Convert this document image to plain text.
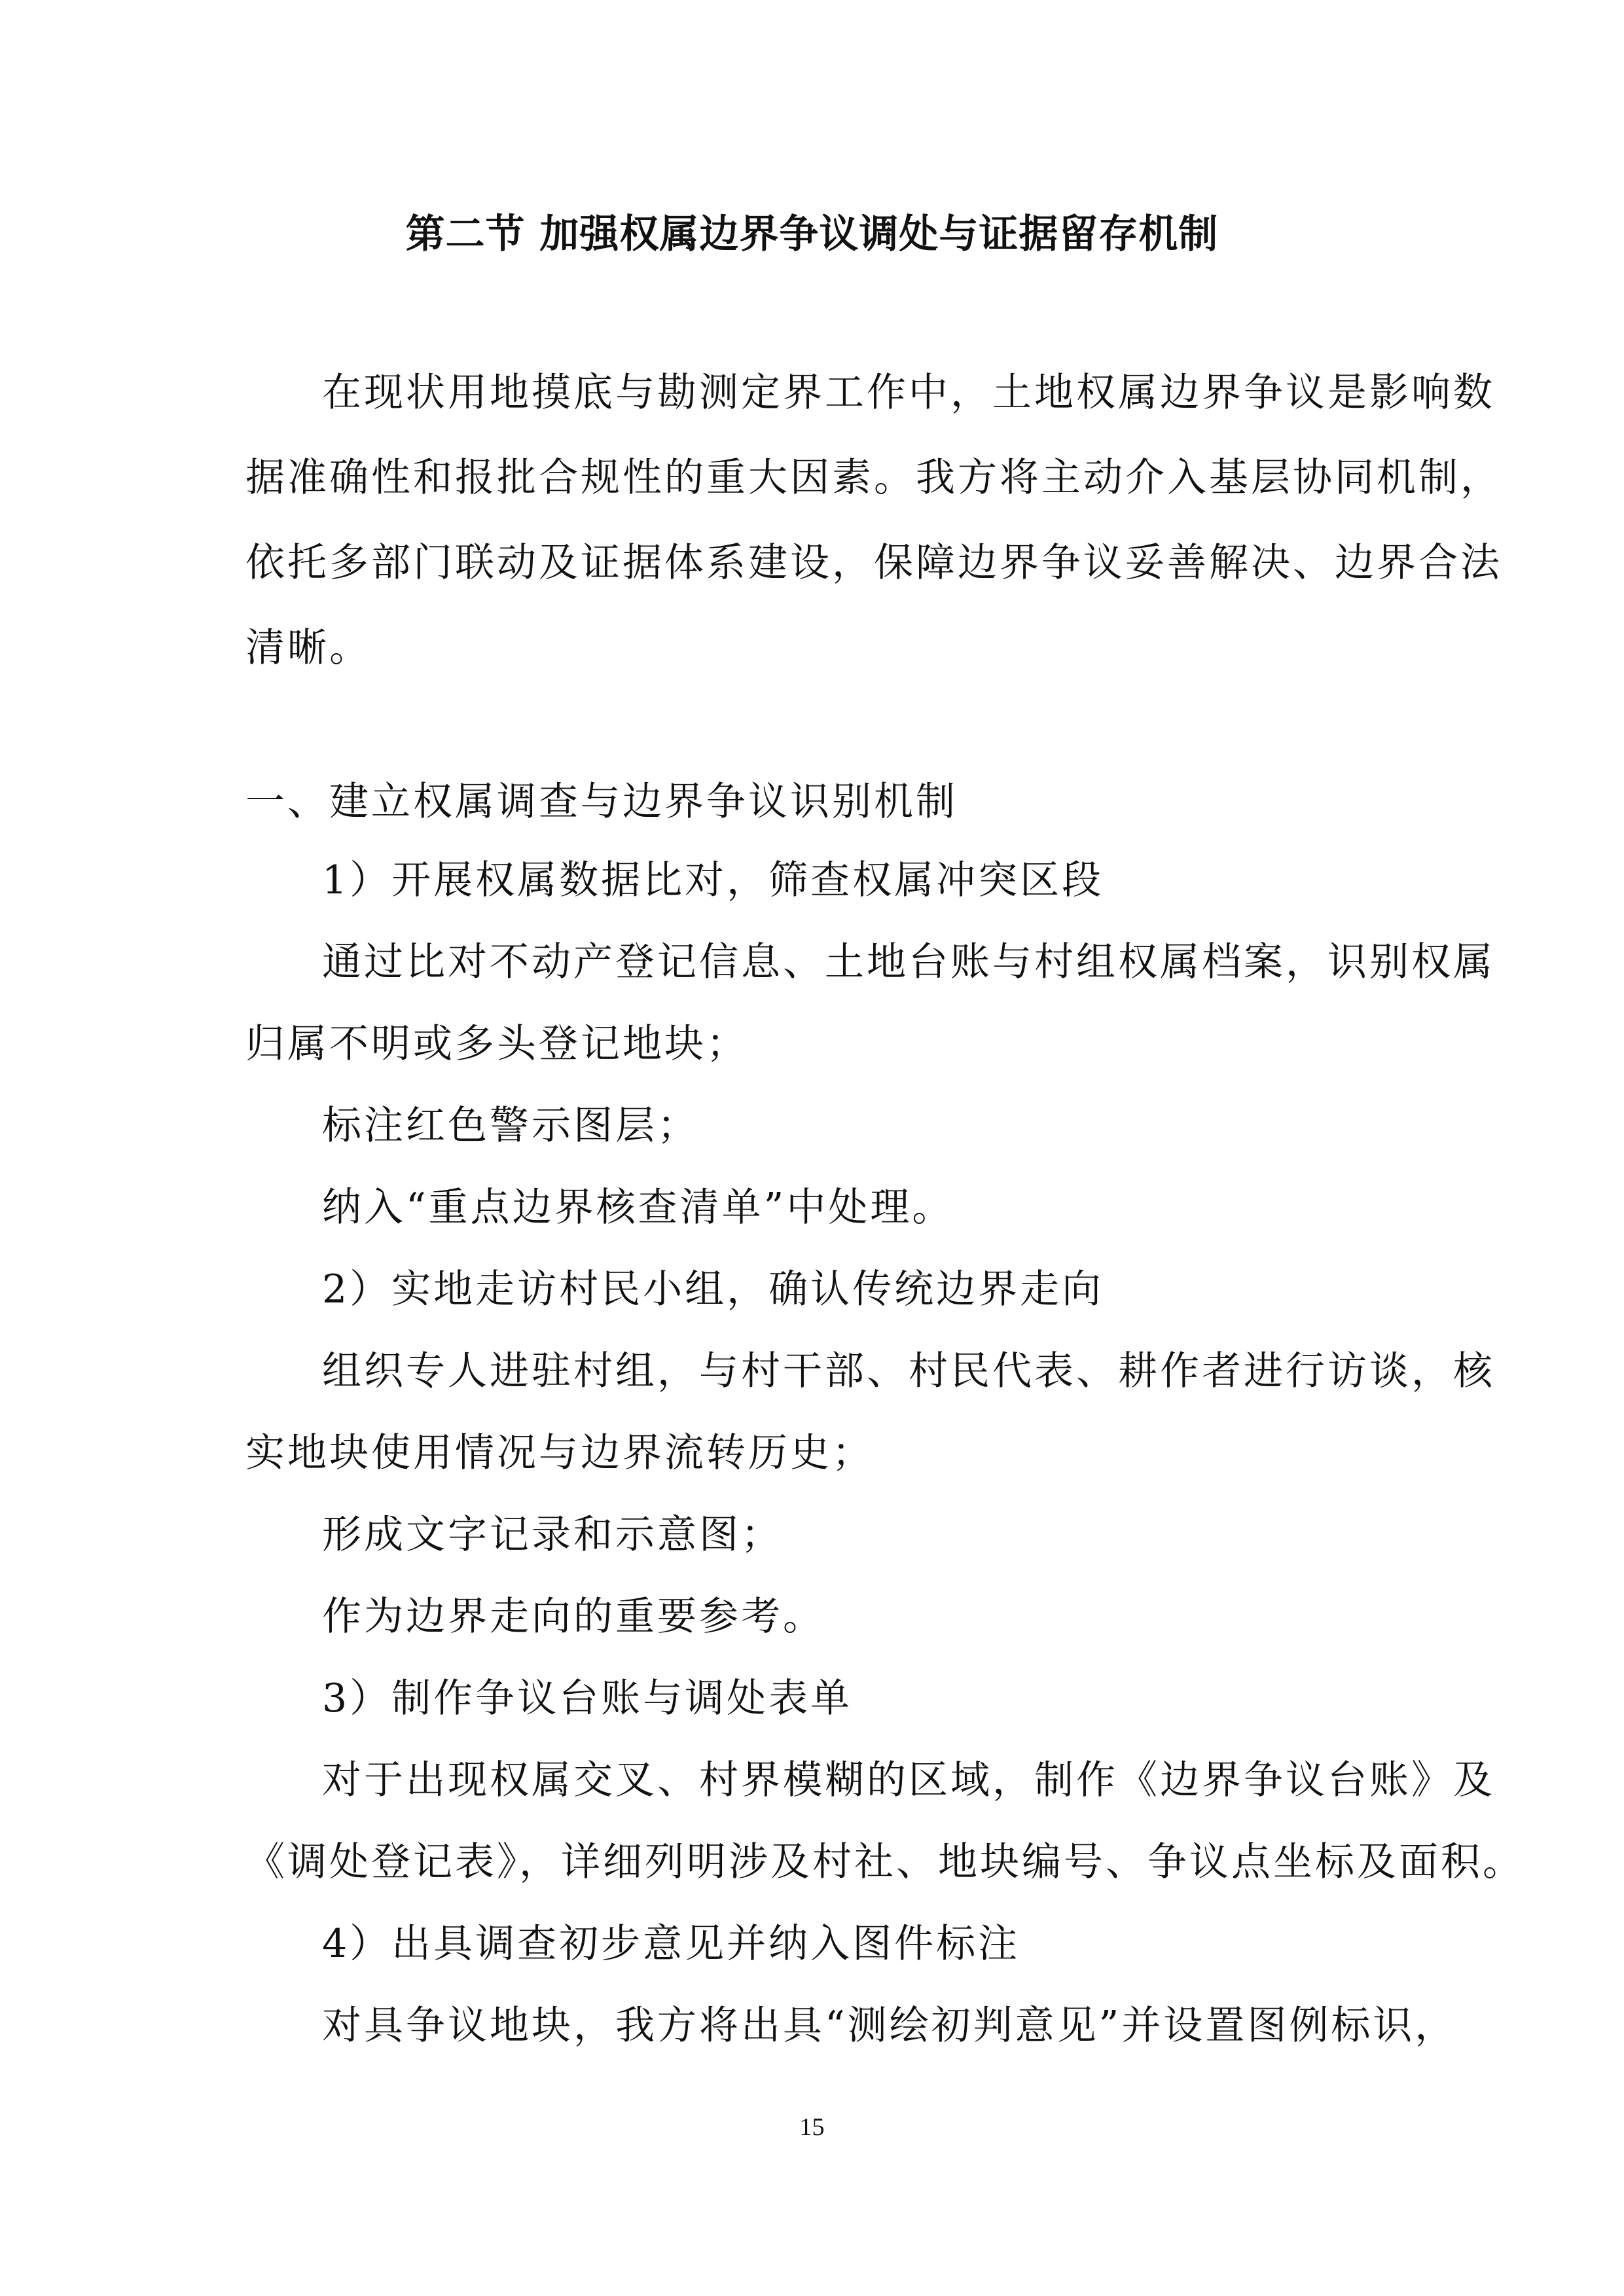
第二节 加强权属边界争议调处与证据留存机制
在现状用地摸底与勘测定界工作中，土地权属边界争议是影响数
据准确性和报批合规性的重大因素。我方将主动介入基层协同机制，
依托多部门联动及证据体系建设，保障边界争议妥善解决、边界合法
清晰。
一、建立权属调查与边界争议识别机制
1）开展权属数据比对，筛查权属冲突区段
通过比对不动产登记信息、土地台账与村组权属档案，识别权属
归属不明或多头登记地块；
标注红色警示图层；
纳入“重点边界核查清单”中处理。
2）实地走访村民小组，确认传统边界走向
组织专人进驻村组，与村干部、村民代表、耕作者进行访谈，核
实地块使用情况与边界流转历史；
形成文字记录和示意图；
作为边界走向的重要参考。
3）制作争议台账与调处表单
对于出现权属交叉、村界模糊的区域，制作《边界争议台账》及
《调处登记表》，详细列明涉及村社、地块编号、争议点坐标及面积。
4）出具调查初步意见并纳入图件标注
对具争议地块，我方将出具“测绘初判意见”并设置图例标识，
15
